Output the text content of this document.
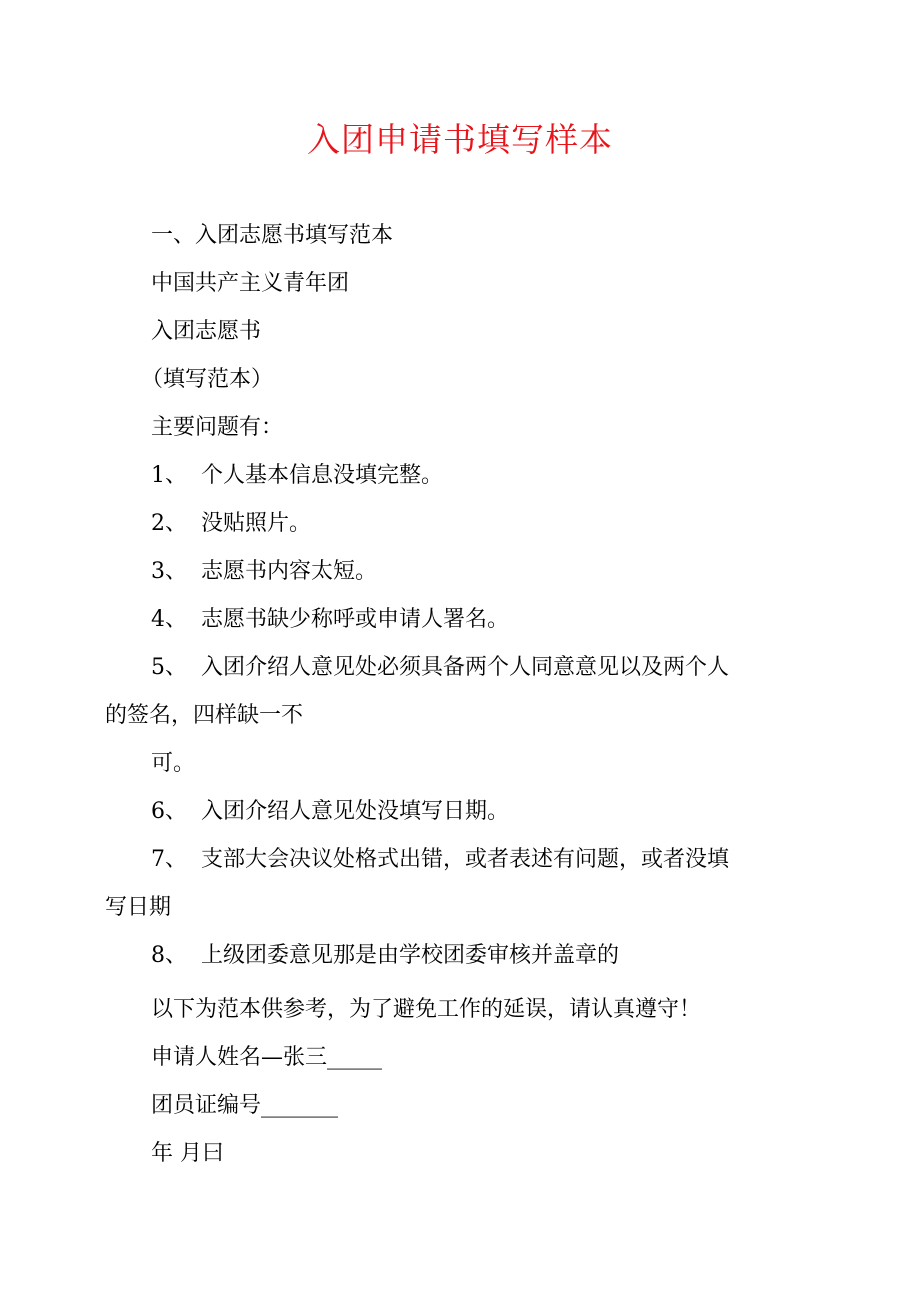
入团申请书填写样本

一、入团志愿书填写范本

中国共产主义青年团

入团志愿书

（填写范本）

主要问题有：

1、 个人基本信息没填完整。

2、 没贴照片。

3、 志愿书内容太短。

4、 志愿书缺少称呼或申请人署名。

5、 入团介绍人意见处必须具备两个人同意意见以及两个人

的签名，四样缺一不

可。

6、 入团介绍人意见处没填写日期。

7、 支部大会决议处格式出错，或者表述有问题，或者没填

写日期

8、 上级团委意见那是由学校团委审核并盖章的

以下为范本供参考，为了避免工作的延误，请认真遵守！

申请人姓名—张三_____

团员证编号_______

年 月曰
